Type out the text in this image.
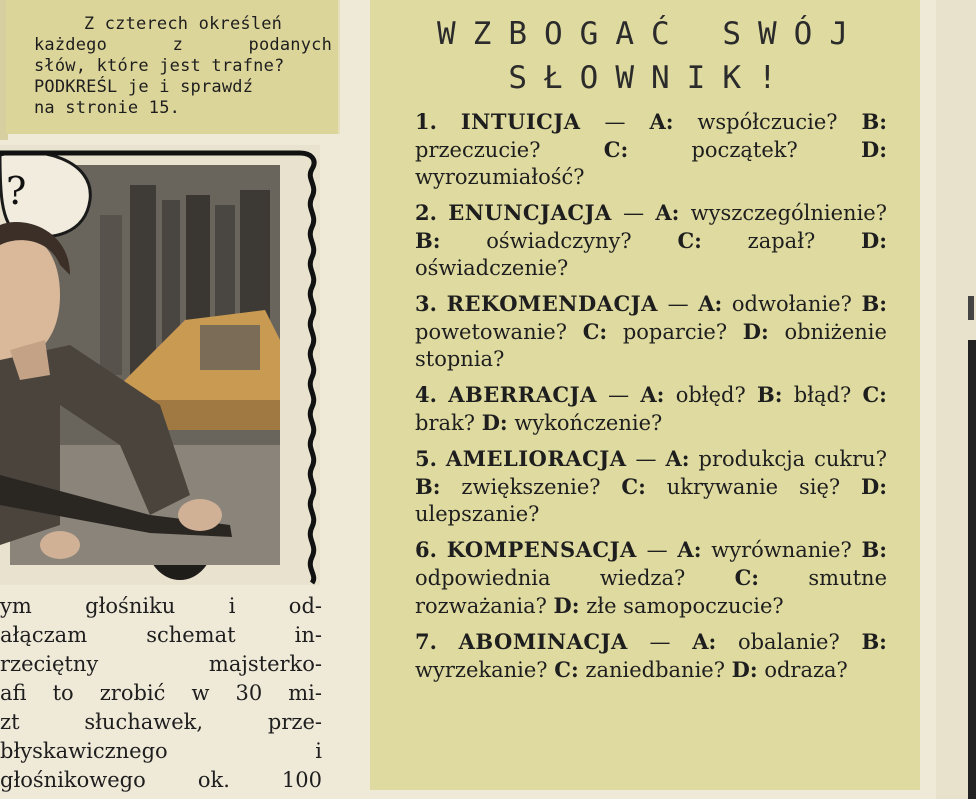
Z czterech określeń
każdego z podanych
słów, które jest trafne?
PODKREŚL je i sprawdź
na stronie 15.
?
ym głośniku i od-
ałączam schemat in-
rzeciętny majsterko-
afi to zrobić w 30 mi-
zt słuchawek, prze-
błyskawicznego i
głośnikowego ok. 100
WZBOGAĆ SWÓJ
SŁOWNIK!
1. INTUICJA — A: współczucie? B: przeczucie?	C:	początek?	D: wyrozumiałość?
2. ENUNCJACJA — A: wyszczególnienie? B: oświadczyny? C: zapał? D: oświadczenie?
3. REKOMENDACJA — A: odwołanie? B: powetowanie? C: poparcie? D: obniżenie stopnia?
4. ABERRACJA — A: obłęd? B: błąd? C: brak? D: wykończenie?
5. AMELIORACJA — A: produkcja cukru? B: zwiększenie? C: ukrywanie się? D: ulepszanie?
6. KOMPENSACJA — A: wyrównanie? B: odpowiednia wiedza? C: smutne rozważania? D: złe samopoczucie?
7. ABOMINACJA — A: obalanie? B: wyrzekanie? C: zaniedbanie? D: odraza?
